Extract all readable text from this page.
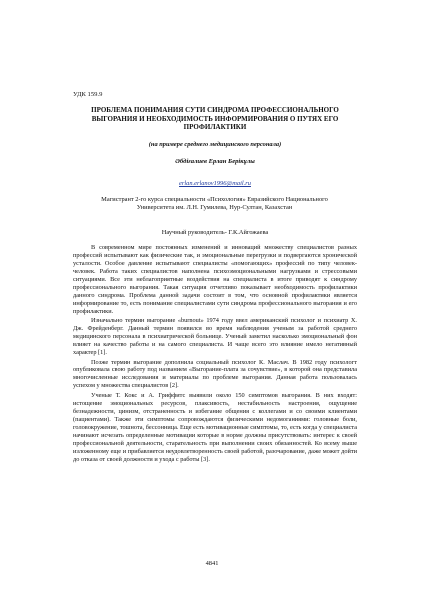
УДК 159.9
ПРОБЛЕМА ПОНИМАНИЯ СУТИ СИНДРОМА ПРОФЕССИОНАЛЬНОГО ВЫГОРАНИЯ И НЕОБХОДИМОСТЬ ИНФОРМИРОВАНИЯ О ПУТЯХ ЕГО ПРОФИЛАКТИКИ
(на примере среднего медицинского персонала)
Әбдіғалиев Ерлан Берікұлы
erlan.erlanov1996@mail.ru
Магистрант 2-го курса специальности «Психология» Евразийского Национального Университета им. Л.Н. Гумилева, Нур-Султан, Казахстан
Научный руководитель- Г.К.Айгожаева

В современном мире постоянных изменений и инноваций множеству специалистов разных профессий испытывают как физические так, и эмоциональные перегрузки и подвергаются хронической усталости. Особое давление испытывают специалисты «помогающих» профессий по типу человек-человек. Работа таких специалистов наполнена психоэмоциональными нагрузками и стрессовыми ситуациями. Все эти неблагоприятные воздействия на специалиста в итоге приводят к синдрому профессионального выгорания. Такая ситуация отчетливо показывает необходимость профилактики данного синдрома. Проблема данной задачи состоит в том, что основной профилактики является информирование то, есть понимание специалистами сути синдрома профессионального выгорания и его профилактики.

Изначально термин выгорание «burnout» 1974 году ввел американский психолог и психиатр Х. Дж. Фрейденберг. Данный термин появился во время наблюдения ученым за работой среднего медицинского персонала в психиатрической больнице. Ученый заметил насколько эмоциональный фон влияет на качество работы и на самого специалиста. И чаще всего это влияние имело негативный характер [1].

Позже термин выгорание дополнила социальный психолог К. Маслач. В 1982 году психологт опубликовала свою работу под названием «Выгорание-плата за сочувствие», в которой она представила многочисленные исследования и материалы по проблеме выгорания. Данная работа пользовалась успехом у множества специалистов [2].

Ученые Т. Кокс и А. Гриффитс выявили около 150 симптомов выгорания. В них входят: истощение эмоциональных ресурсов, плаксивость, нестабильность настроения, ощущение безнадежности, цинизм, отстраненность и избегание общения с коллегами и со своими клиентами (пациентами). Также эти симптомы сопровождаются физическими недомоганиями: головные боли, головокружение, тошнота, бессонница. Еще есть мотивационные симптомы, то, есть когда у специалиста начинают исчезать определенные мотивации которые в норме должны присутствовать: интерес к своей профессиональной деятельности, старательность при выполнении своих обязанностей. Ко всему выше изложенному еще и прибавляется неудовлетворенность своей работой, разочарование, даже может дойти до отказа от своей должности и ухода с работы [3].

4841
